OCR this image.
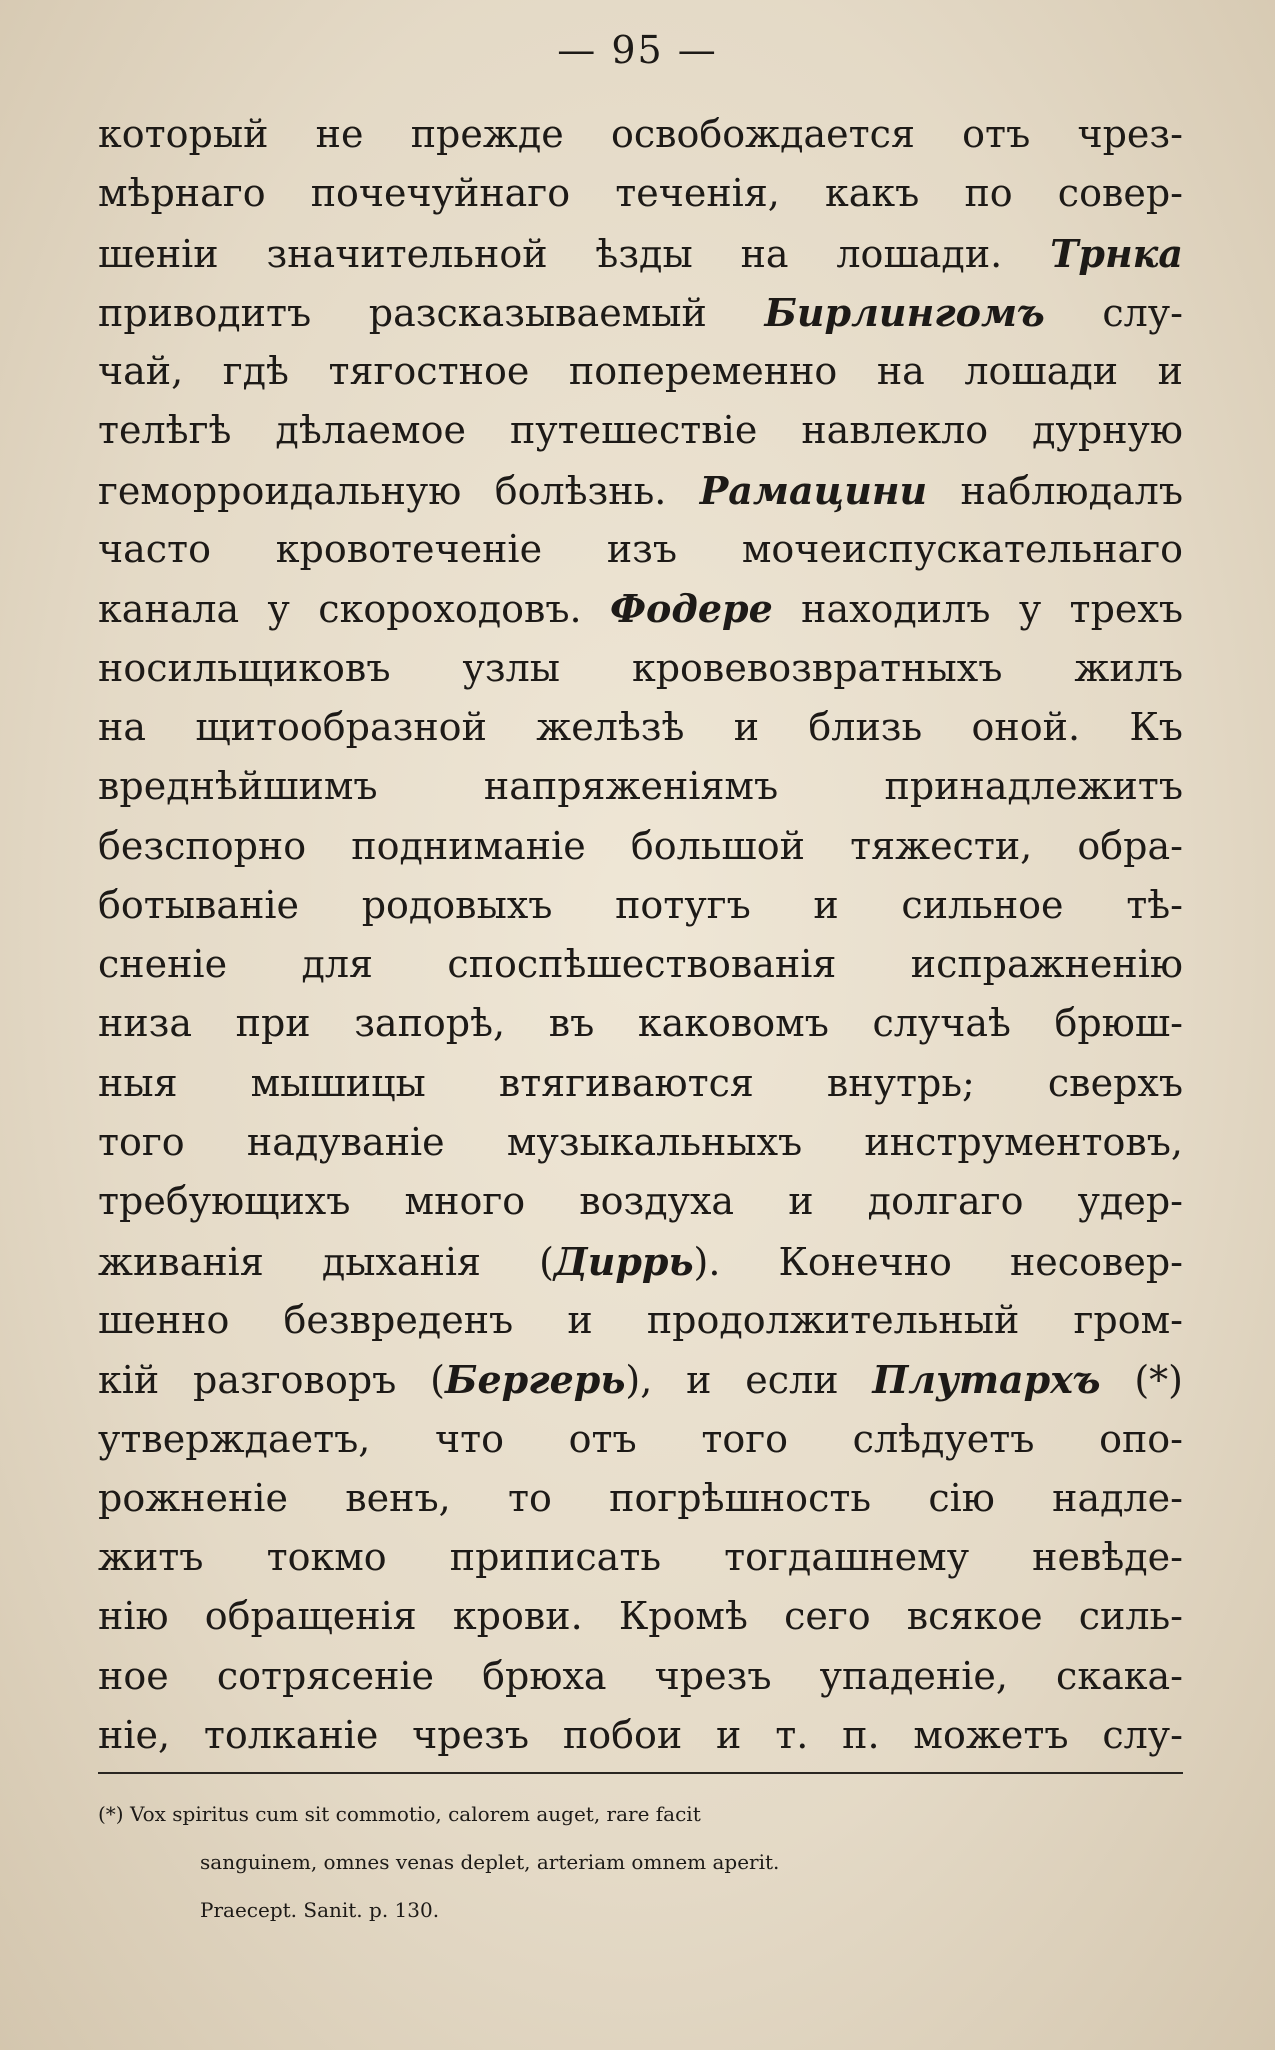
— 95 —
который не прежде освобождается отъ чрез-
мѣрнаго почечуйнаго теченія, какъ по совер-
шеніи значительной ѣзды на лошади. Трнка
приводитъ разсказываемый Бирлингомъ слу-
чай, гдѣ тягостное попеременно на лошади и
телѣгѣ дѣлаемое путешествіе навлекло дурную
геморроидальную болѣзнь. Рамацини наблюдалъ
часто кровотеченіе изъ мочеиспускательнаго
канала у скороходовъ. Фодере находилъ у трехъ
носильщиковъ узлы кровевозвратныхъ жилъ
на щитообразной желѣзѣ и близь оной. Къ
вреднѣйшимъ напряженіямъ принадлежитъ
безспорно подниманіе большой тяжести, обра-
ботываніе родовыхъ потугъ и сильное тѣ-
сненіе для споспѣшествованія испражненію
низа при запорѣ, въ каковомъ случаѣ брюш-
ныя мышицы втягиваются внутрь; сверхъ
того надуваніе музыкальныхъ инструментовъ,
требующихъ много воздуха и долгаго удер-
живанія дыханія (Диррь). Конечно несовер-
шенно безвреденъ и продолжительный гром-
кій разговоръ (Бергерь), и если Плутархъ (*)
утверждаетъ, что отъ того слѣдуетъ опо-
рожненіе венъ, то погрѣшность сію надле-
житъ токмо приписать тогдашнему невѣде-
нію обращенія крови. Кромѣ сего всякое силь-
ное сотрясеніе брюха чрезъ упаденіе, скака-
ніе, толканіе чрезъ побои и т. п. можетъ слу-
(*) Vox spiritus cum sit commotio, calorem auget, rare facit
sanguinem, omnes venas deplet, arteriam omnem aperit.
Praecept. Sanit. p. 130.
